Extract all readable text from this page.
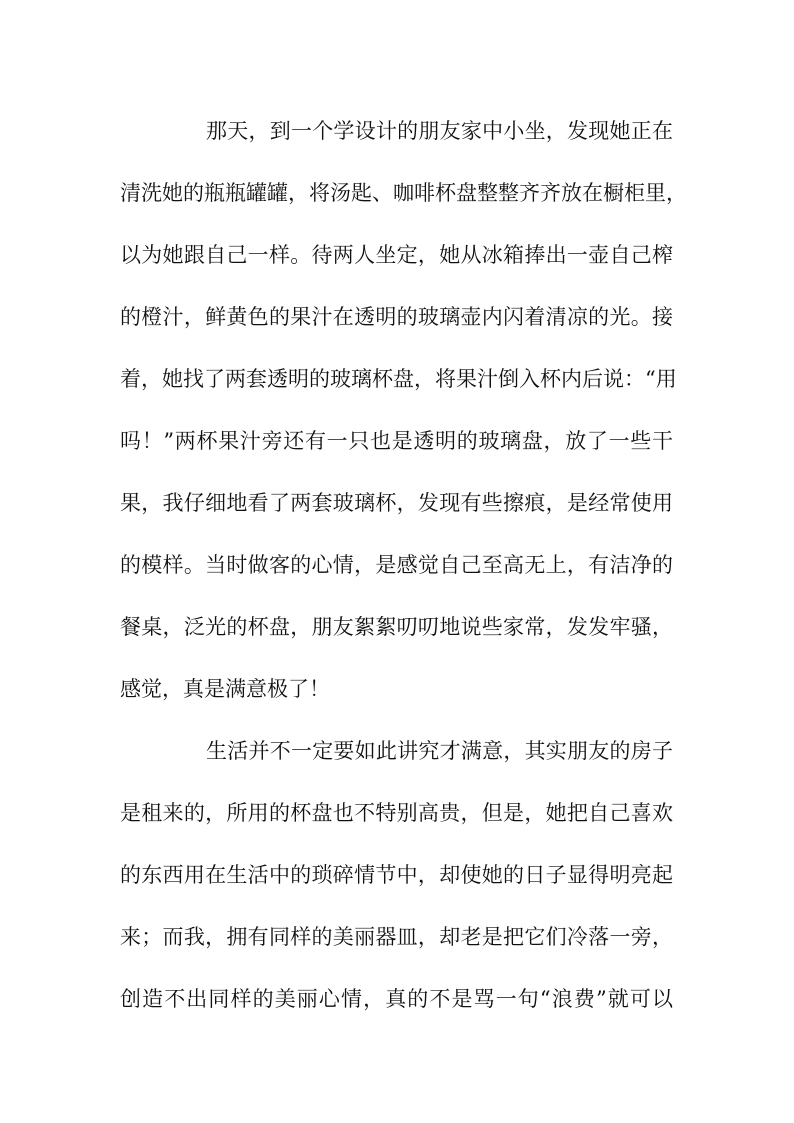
那天，到一个学设计的朋友家中小坐，发现她正在
清洗她的瓶瓶罐罐，将汤匙、咖啡杯盘整整齐齐放在橱柜里，
以为她跟自己一样。待两人坐定，她从冰箱捧出一壶自己榨
的橙汁，鲜黄色的果汁在透明的玻璃壶内闪着清凉的光。接
着，她找了两套透明的玻璃杯盘，将果汁倒入杯内后说：“用
吗！”两杯果汁旁还有一只也是透明的玻璃盘，放了一些干
果，我仔细地看了两套玻璃杯，发现有些擦痕，是经常使用
的模样。当时做客的心情，是感觉自己至高无上，有洁净的
餐桌，泛光的杯盘，朋友絮絮叨叨地说些家常，发发牢骚，
感觉，真是满意极了！
生活并不一定要如此讲究才满意，其实朋友的房子
是租来的，所用的杯盘也不特别高贵，但是，她把自己喜欢
的东西用在生活中的琐碎情节中，却使她的日子显得明亮起
来；而我，拥有同样的美丽器皿，却老是把它们冷落一旁，
创造不出同样的美丽心情，真的不是骂一句“浪费”就可以
